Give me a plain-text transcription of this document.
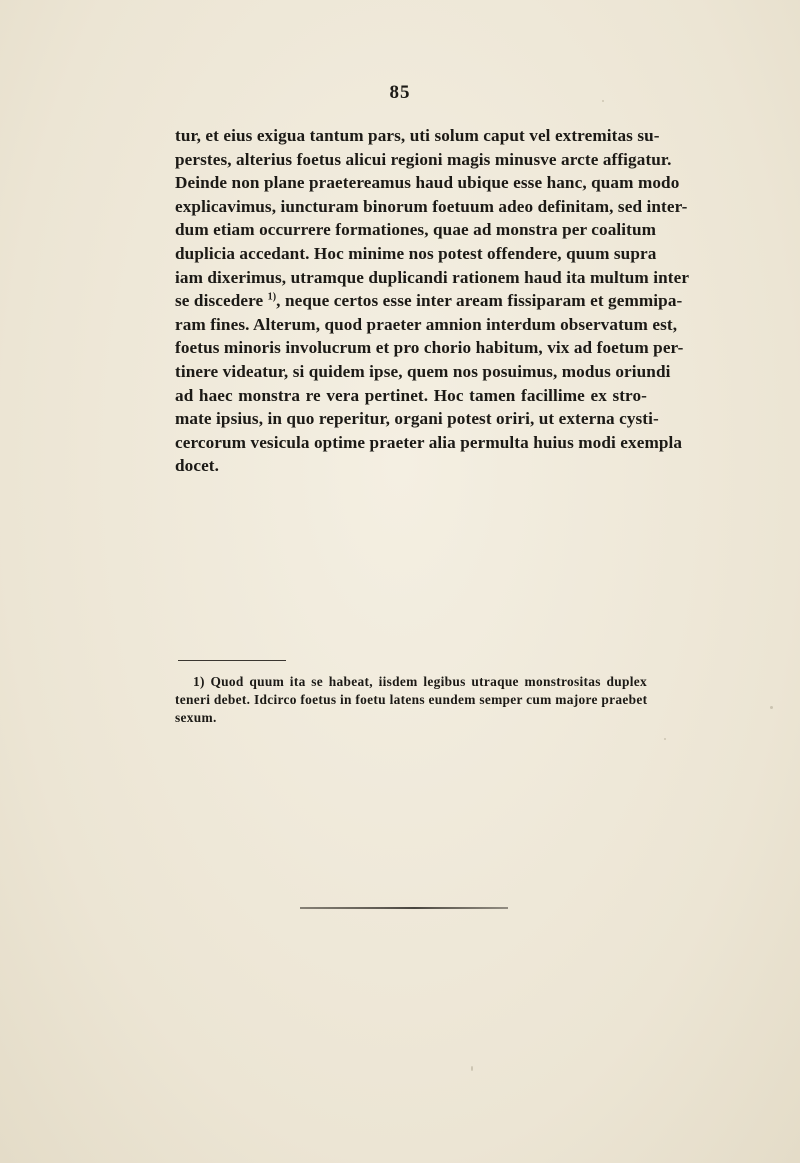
85
tur, et eius exigua tantum pars, uti solum caput vel extremitas su-
perstes, alterius foetus alicui regioni magis minusve arcte affigatur.
Deinde non plane praetereamus haud ubique esse hanc, quam modo
explicavimus, iuncturam binorum foetuum adeo definitam, sed inter-
dum etiam occurrere formationes, quae ad monstra per coalitum
duplicia accedant. Hoc minime nos potest offendere, quum supra
iam dixerimus, utramque duplicandi rationem haud ita multum inter
se discedere $^{1)}$, neque certos esse inter aream fissiparam et gemmipa-
ram fines. Alterum, quod praeter amnion interdum observatum est,
foetus minoris involucrum et pro chorio habitum, vix ad foetum per-
tinere videatur, si quidem ipse, quem nos posuimus, modus oriundi
ad haec monstra re vera pertinet. Hoc tamen facillime ex stro-
mate ipsius, in quo reperitur, organi potest oriri, ut externa cysti-
cercorum vesicula optime praeter alia permulta huius modi exempla
docet.
1) Quod quum ita se habeat, iisdem legibus utraque monstrositas duplex
teneri debet. Idcirco foetus in foetu latens eundem semper cum majore praebet
sexum.
